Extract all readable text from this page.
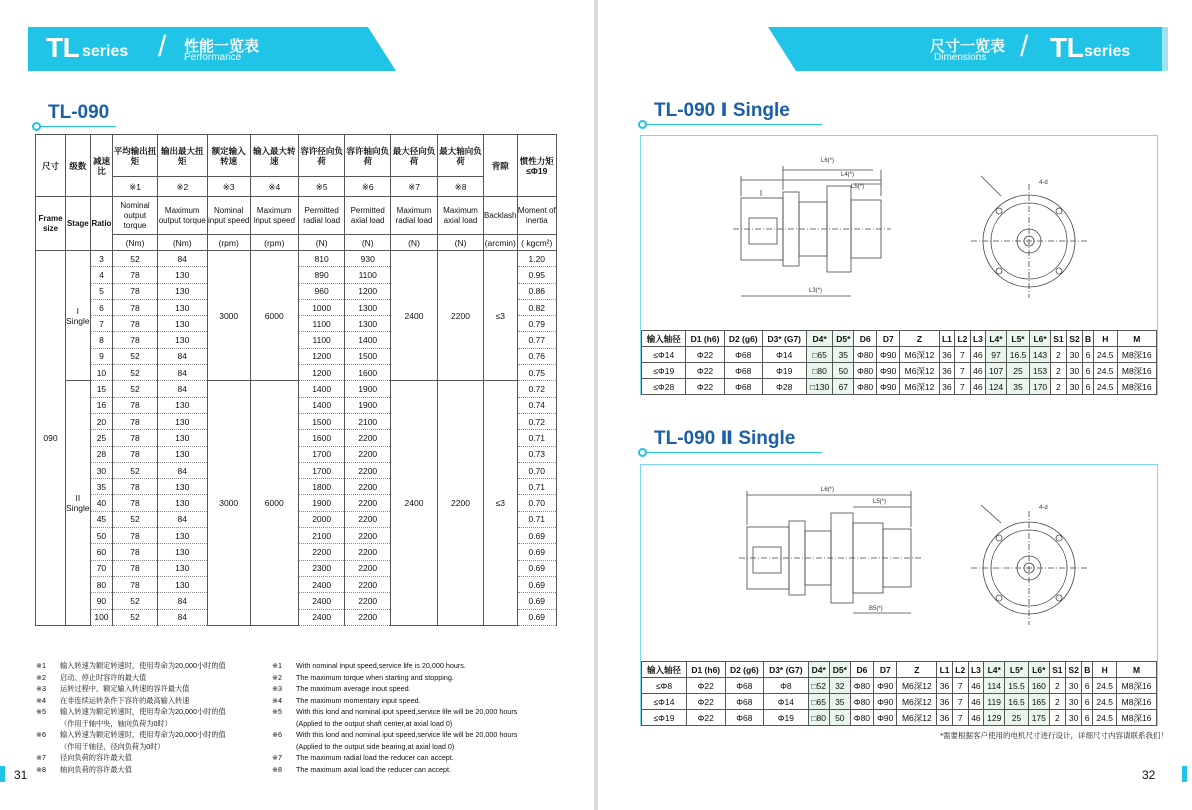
TL series / 性能一览表
Performance
TL-090
尺寸	级数	减速比	平均输出扭矩	输出最大扭矩	额定输入转速	输入最大转速	容许径向负荷	容许轴向负荷	最大径向负荷	最大轴向负荷	背隙	惯性力矩 ≤Φ19
			※1	※2	※3	※4	※5	※6	※7	※8		
Frame size	Stage	Ratio	Nominal output torque	Maximum output torque	Nominal input speed	Maximum input speed	Permitted radial load	Permitted axial load	Maximum radial load	Maximum axial load	Backlash	Moment of inertia
			(Nm)	(Nm)	(rpm)	(rpm)	(N)	(N)	(N)	(N)	(arcmin)	( kgcm²)
090	I
Single	3	52	84	3000	6000	810	930	2400	2200	≤3	1.20
		4	78	130			890	1100				0.95
		5	78	130			960	1200				0.86
		6	78	130			1000	1300				0.82
		7	78	130			1100	1300				0.79
		8	78	130			1100	1400				0.77
		9	52	84			1200	1500				0.76
		10	52	84			1200	1600				0.75

	II
Single	15	52	84	3000	6000	1400	1900	2400	2200	≤3	0.72
		16	78	130			1400	1900				0.74
		20	78	130			1500	2100				0.72
		25	78	130			1600	2200				0.71
		28	78	130			1700	2200				0.73
		30	52	84			1700	2200				0.70
		35	78	130			1800	2200				0.71
		40	78	130			1900	2200				0.70
		45	52	84			2000	2200				0.71
		50	78	130			2100	2200				0.69
		60	78	130			2200	2200				0.69
		70	78	130			2300	2200				0.69
		80	78	130			2400	2200				0.69
		90	52	84			2400	2200				0.69
		100	52	84			2400	2200				0.69
※1	输入转速为额定转速时，使用寿命为20,000小时的值
※2	启动、停止时容许的最大值
※3	运转过程中，额定输入转速的容许最大值
※4	在非连续运转条件下容许的最高输入转速
※5	输入转速为额定转速时，使用寿命为20,000小时的值
（作用于轴中央，轴向负荷为0时）
※6	输入转速为额定转速时，使用寿命为20,000小时的值
（作用于轴径，径向负荷为0时）
※7	径向负荷的容许最大值
※8	轴向负荷的容许最大值
※1	With nominal input speed,service life is 20,000 hours.
※2	The maximum torque when starting and stopping.
※3	The maximum average inout speed.
※4	The maximum momentary input speed.
※5	With this lond and nominal iput speed,service life will be 20,000 hours
(Applied to the output shaft center,at axial load 0)
※6	With this lond and nominal iput speed,service life will be 20,000 hours
(Applied to the output side bearing,at axial load 0)
※7	The maximum radial load the reducer can accept.
※8	The maximum axial load the reducer can accept.
31
尺寸一览表
Dimensions / TL series
TL-090 Ⅰ Single
L6(*)
L4(*)
L5(*)
L3(*)
4-d
输入轴径	D1 (h6)	D2 (g6)	D3* (G7)	D4*	D5*	D6	D7	Z	L1	L2	L3	L4*	L5*	L6*	S1	S2	B	H	M
≤Φ14	Φ22	Φ68	Φ14	□65	35	Φ80	Φ90	M6深12	36	7	46	97	16.5	143	2	30	6	24.5	M8深16
≤Φ19	Φ22	Φ68	Φ19	□80	50	Φ80	Φ90	M6深12	36	7	46	107	25	153	2	30	6	24.5	M8深16
≤Φ28	Φ22	Φ68	Φ28	□130	67	Φ80	Φ90	M6深12	36	7	46	124	35	170	2	30	6	24.5	M8深16
TL-090 Ⅱ Single
L6(*)
L5(*)
B5(*)
4-d
输入轴径	D1 (h6)	D2 (g6)	D3* (G7)	D4*	D5*	D6	D7	Z	L1	L2	L3	L4*	L5*	L6*	S1	S2	B	H	M
≤Φ8	Φ22	Φ68	Φ8	□52	32	Φ80	Φ90	M6深12	36	7	46	114	15.5	160	2	30	6	24.5	M8深16
≤Φ14	Φ22	Φ68	Φ14	□65	35	Φ80	Φ90	M6深12	36	7	46	119	16.5	165	2	30	6	24.5	M8深16
≤Φ19	Φ22	Φ68	Φ19	□80	50	Φ80	Φ90	M6深12	36	7	46	129	25	175	2	30	6	24.5	M8深16
*需要根据客户使用的电机尺寸进行设计，详细尺寸内容请联系我们！
32
